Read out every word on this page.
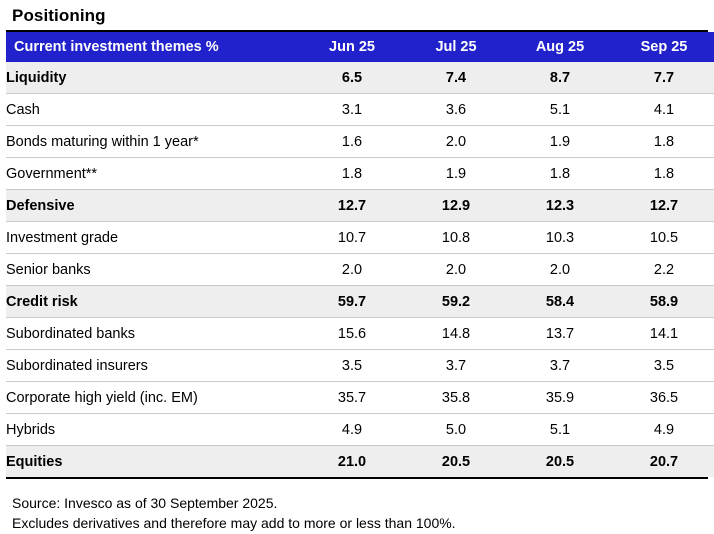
Positioning
Current investment themes %	Jun 25	Jul 25	Aug 25	Sep 25
Liquidity	6.5	7.4	8.7	7.7
Cash	3.1	3.6	5.1	4.1
Bonds maturing within 1 year*	1.6	2.0	1.9	1.8
Government**	1.8	1.9	1.8	1.8
Defensive	12.7	12.9	12.3	12.7
Investment grade	10.7	10.8	10.3	10.5
Senior banks	2.0	2.0	2.0	2.2
Credit risk	59.7	59.2	58.4	58.9
Subordinated banks	15.6	14.8	13.7	14.1
Subordinated insurers	3.5	3.7	3.7	3.5
Corporate high yield (inc. EM)	35.7	35.8	35.9	36.5
Hybrids	4.9	5.0	5.1	4.9
Equities	21.0	20.5	20.5	20.7
Source: Invesco as of 30 September 2025.
Excludes derivatives and therefore may add to more or less than 100%.
